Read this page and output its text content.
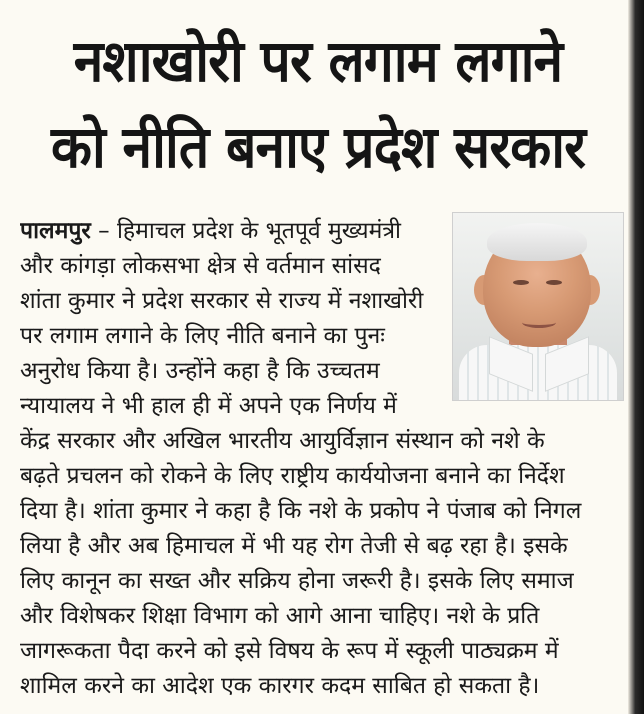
नशाखोरी पर लगाम लगाने
को नीति बनाए प्रदेश सरकार
पालमपुर – हिमाचल प्रदेश के भूतपूर्व मुख्यमंत्री
और कांगड़ा लोकसभा क्षेत्र से वर्तमान सांसद
शांता कुमार ने प्रदेश सरकार से राज्य में नशाखोरी
पर लगाम लगाने के लिए नीति बनाने का पुनः
अनुरोध किया है। उन्होंने कहा है कि उच्चतम
न्यायालय ने भी हाल ही में अपने एक निर्णय में
केंद्र सरकार और अखिल भारतीय आयुर्विज्ञान संस्थान को नशे के
बढ़ते प्रचलन को रोकने के लिए राष्ट्रीय कार्ययोजना बनाने का निर्देश
दिया है। शांता कुमार ने कहा है कि नशे के प्रकोप ने पंजाब को निगल
लिया है और अब हिमाचल में भी यह रोग तेजी से बढ़ रहा है। इसके
लिए कानून का सख्त और सक्रिय होना जरूरी है। इसके लिए समाज
और विशेषकर शिक्षा विभाग को आगे आना चाहिए। नशे के प्रति
जागरूकता पैदा करने को इसे विषय के रूप में स्कूली पाठ्यक्रम में
शामिल करने का आदेश एक कारगर कदम साबित हो सकता है।
